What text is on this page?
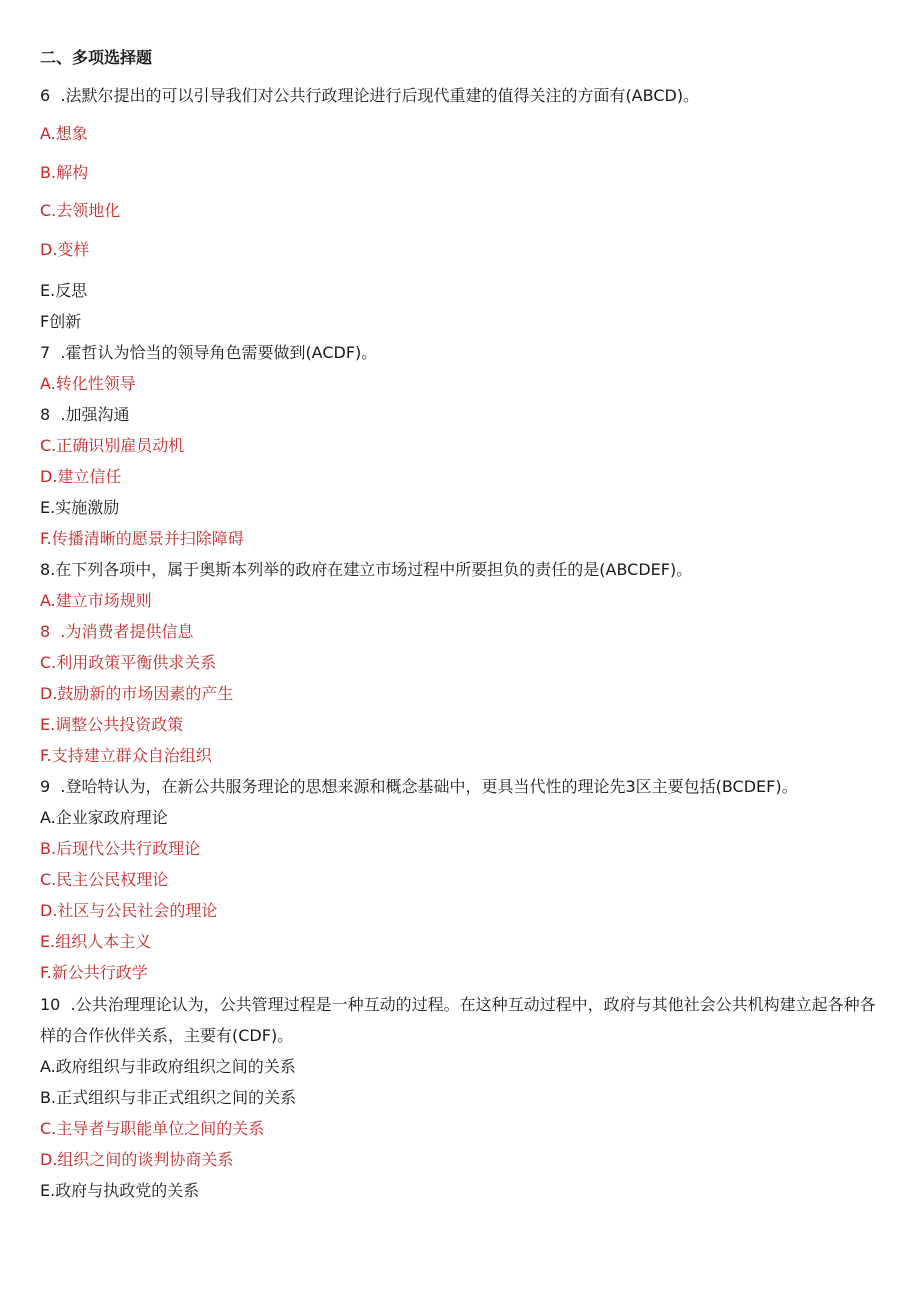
二、多项选择题
6  .法默尔提出的可以引导我们对公共行政理论进行后现代重建的值得关注的方面有(ABCD)。
A.想象
B.解构
C.去领地化
D.变样
E.反思
F创新
7  .霍哲认为恰当的领导角色需要做到(ACDF)。
A.转化性领导
8  .加强沟通
C.正确识别雇员动机
D.建立信任
E.实施激励
F.传播清晰的愿景并扫除障碍
8.在下列各项中，属于奥斯本列举的政府在建立市场过程中所要担负的责任的是(ABCDEF)。
A.建立市场规则
8  .为消费者提供信息
C.利用政策平衡供求关系
D.鼓励新的市场因素的产生
E.调整公共投资政策
F.支持建立群众自治组织
9  .登哈特认为，在新公共服务理论的思想来源和概念基础中，更具当代性的理论先3区主要包括(BCDEF)。
A.企业家政府理论
B.后现代公共行政理论
C.民主公民权理论
D.社区与公民社会的理论
E.组织人本主义
F.新公共行政学
10  .公共治理理论认为，公共管理过程是一种互动的过程。在这种互动过程中，政府与其他社会公共机构建立起各种各样的合作伙伴关系，主要有(CDF)。
A.政府组织与非政府组织之间的关系
B.正式组织与非正式组织之间的关系
C.主导者与职能单位之间的关系
D.组织之间的谈判协商关系
E.政府与执政党的关系
